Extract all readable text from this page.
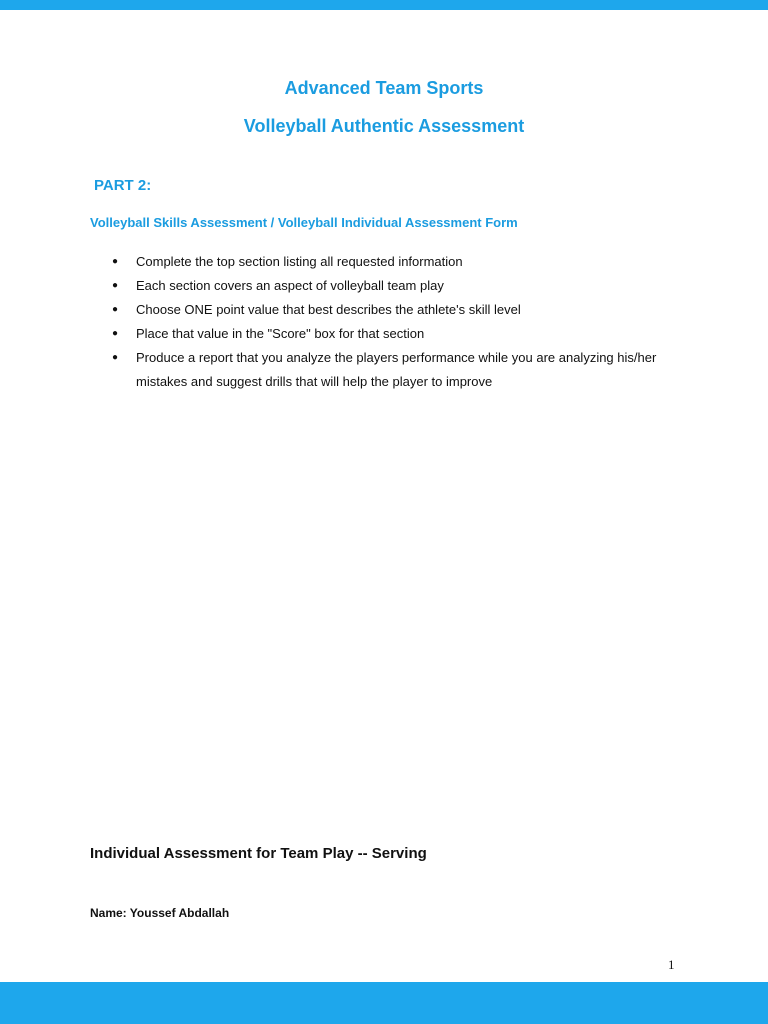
Advanced Team Sports
Volleyball Authentic Assessment

PART 2:

Volleyball Skills Assessment / Volleyball Individual Assessment Form

● Complete the top section listing all requested information
● Each section covers an aspect of volleyball team play
● Choose ONE point value that best describes the athlete's skill level
● Place that value in the "Score" box for that section
● Produce a report that you analyze the players performance while you are analyzing his/her mistakes and suggest drills that will help the player to improve
Individual Assessment for Team Play -- Serving

Name: Youssef Abdallah

1
